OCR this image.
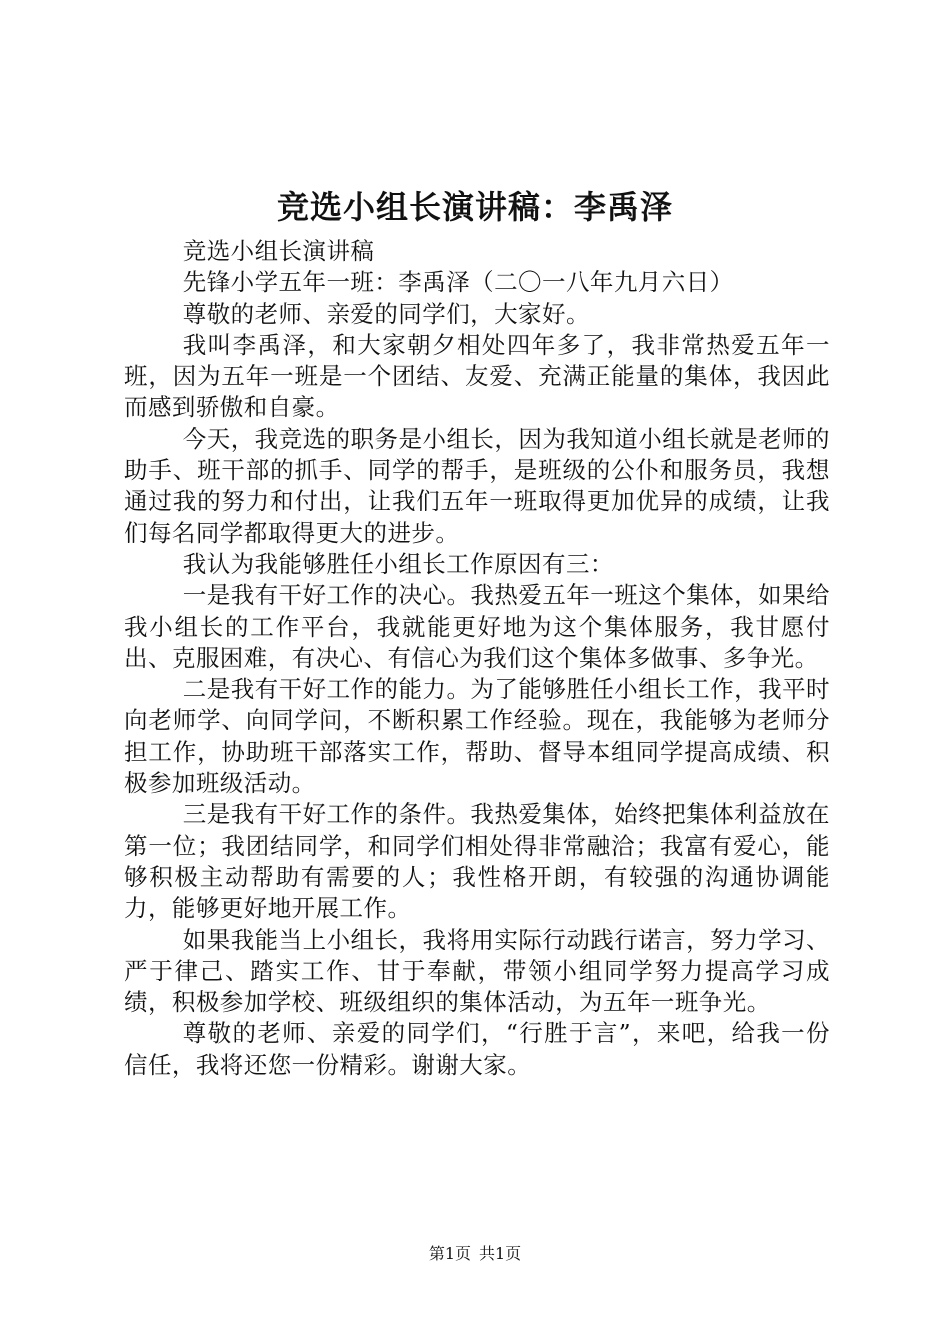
竞选小组长演讲稿：李禹泽

竞选小组长演讲稿

先锋小学五年一班：李禹泽（二〇一八年九月六日）

尊敬的老师、亲爱的同学们，大家好。

我叫李禹泽，和大家朝夕相处四年多了，我非常热爱五年一班，因为五年一班是一个团结、友爱、充满正能量的集体，我因此而感到骄傲和自豪。

今天，我竞选的职务是小组长，因为我知道小组长就是老师的助手、班干部的抓手、同学的帮手，是班级的公仆和服务员，我想通过我的努力和付出，让我们五年一班取得更加优异的成绩，让我们每名同学都取得更大的进步。

我认为我能够胜任小组长工作原因有三：

一是我有干好工作的决心。我热爱五年一班这个集体，如果给我小组长的工作平台，我就能更好地为这个集体服务，我甘愿付出、克服困难，有决心、有信心为我们这个集体多做事、多争光。

二是我有干好工作的能力。为了能够胜任小组长工作，我平时向老师学、向同学问，不断积累工作经验。现在，我能够为老师分担工作，协助班干部落实工作，帮助、督导本组同学提高成绩、积极参加班级活动。

三是我有干好工作的条件。我热爱集体，始终把集体利益放在第一位；我团结同学，和同学们相处得非常融洽；我富有爱心，能够积极主动帮助有需要的人；我性格开朗，有较强的沟通协调能力，能够更好地开展工作。

如果我能当上小组长，我将用实际行动践行诺言，努力学习、严于律己、踏实工作、甘于奉献，带领小组同学努力提高学习成绩，积极参加学校、班级组织的集体活动，为五年一班争光。

尊敬的老师、亲爱的同学们，“行胜于言”，来吧，给我一份信任，我将还您一份精彩。谢谢大家。

第1页 共1页
